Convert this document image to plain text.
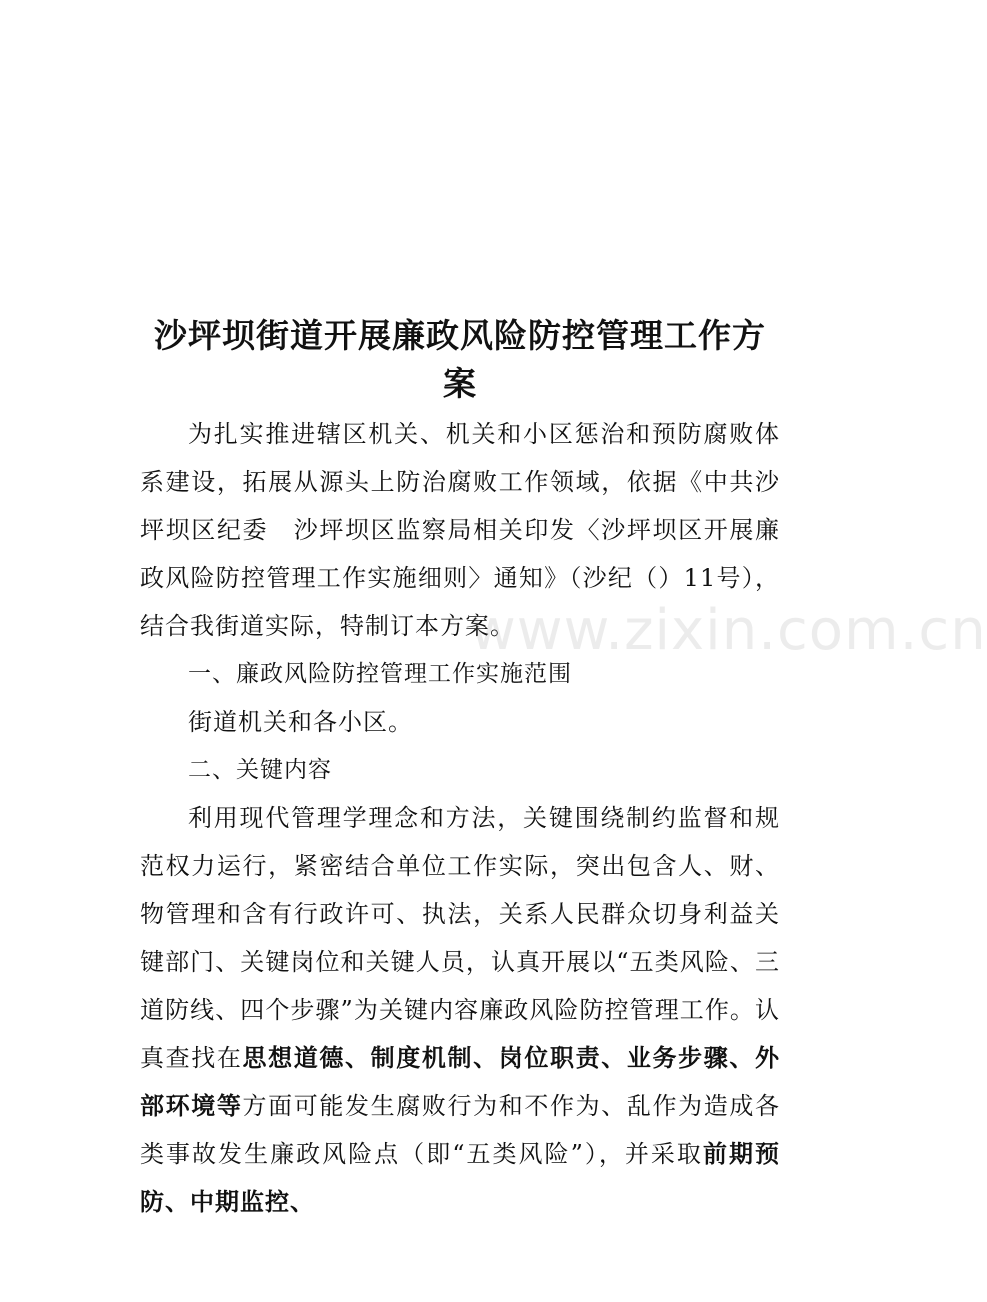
沙坪坝街道开展廉政风险防控管理工作方案

为扎实推进辖区机关、机关和小区惩治和预防腐败体系建设，拓展从源头上防治腐败工作领域，依据《中共沙坪坝区纪委　沙坪坝区监察局相关印发〈沙坪坝区开展廉政风险防控管理工作实施细则〉通知》（沙纪（）11号），结合我街道实际，特制订本方案。

一、廉政风险防控管理工作实施范围

街道机关和各小区。

二、关键内容

利用现代管理学理念和方法，关键围绕制约监督和规范权力运行，紧密结合单位工作实际，突出包含人、财、物管理和含有行政许可、执法，关系人民群众切身利益关键部门、关键岗位和关键人员，认真开展以“五类风险、三道防线、四个步骤”为关键内容廉政风险防控管理工作。认真查找在思想道德、制度机制、岗位职责、业务步骤、外部环境等方面可能发生腐败行为和不作为、乱作为造成各类事故发生廉政风险点（即“五类风险”），并采取前期预防、中期监控、

www.zixin.com.cn
